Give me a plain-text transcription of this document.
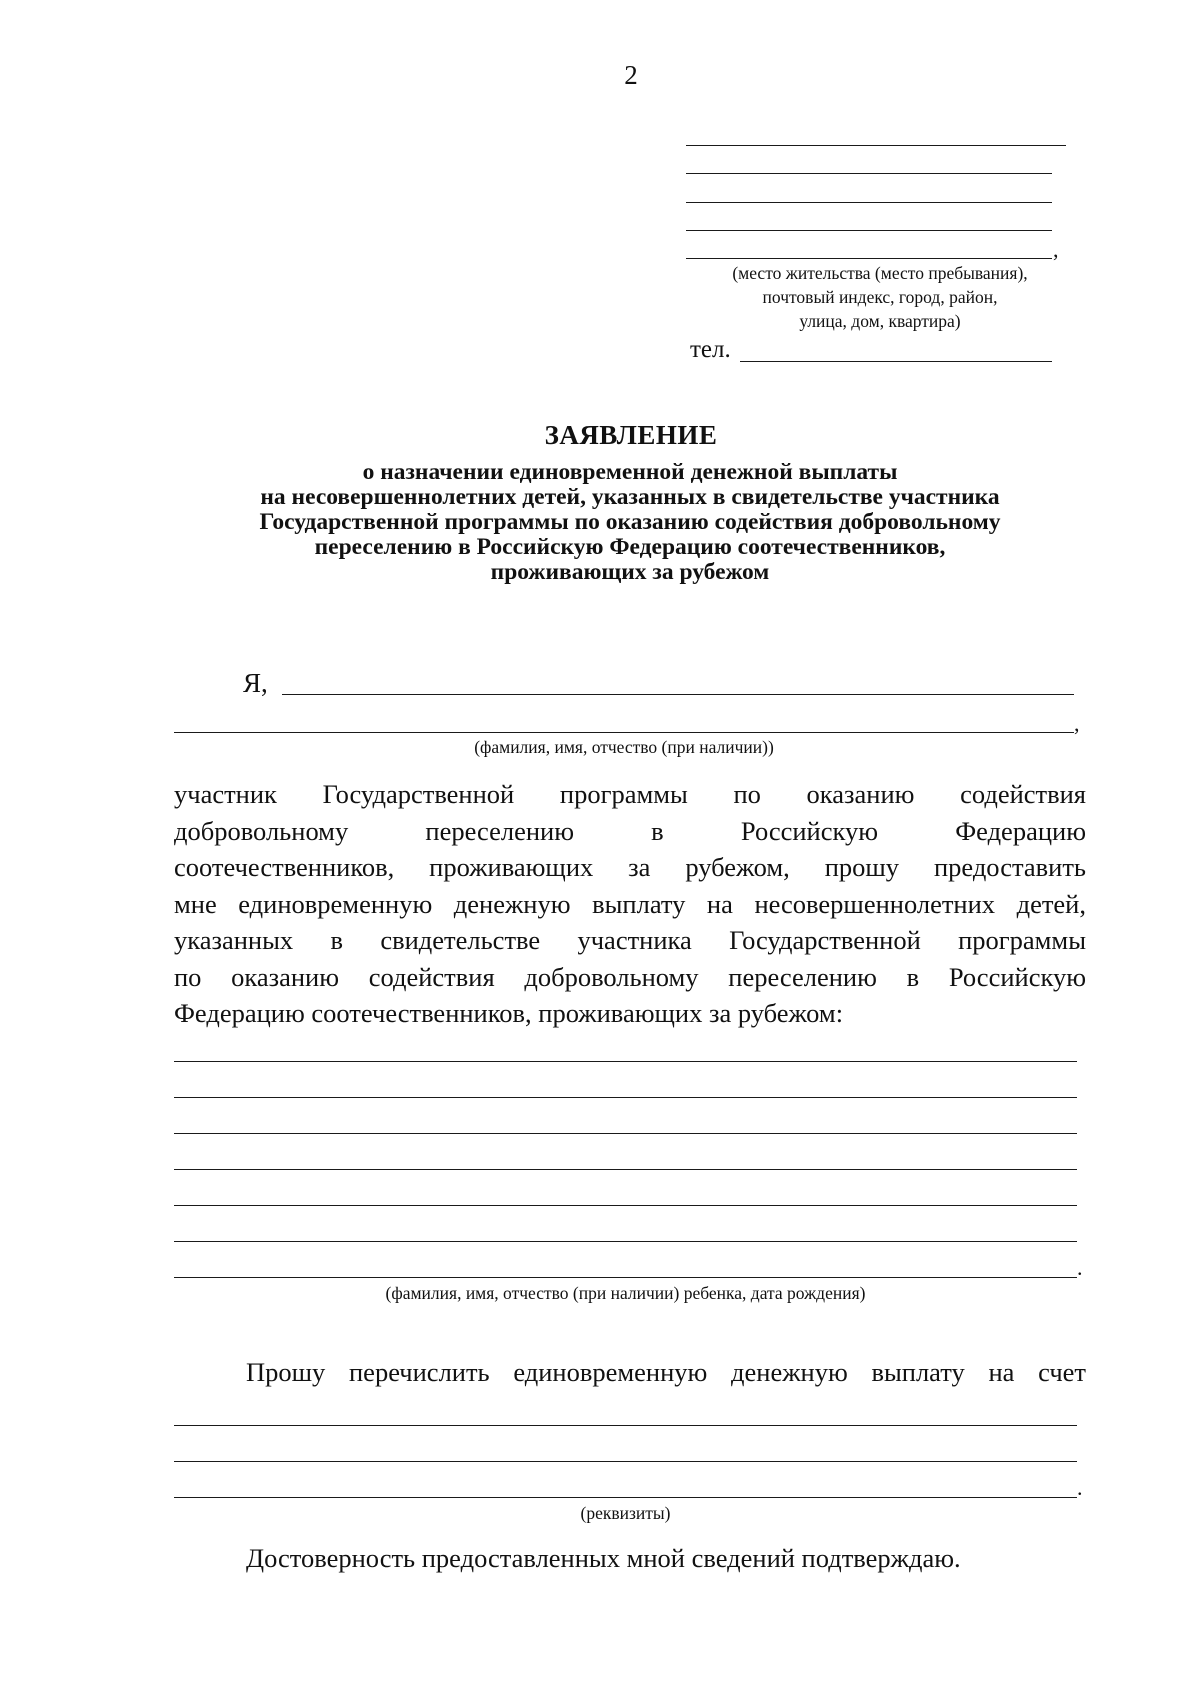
2
,
(место жительства (место пребывания),
почтовый индекс, город, район,
улица, дом, квартира)
тел.
ЗАЯВЛЕНИЕ
о назначении единовременной денежной выплаты
на несовершеннолетних детей, указанных в свидетельстве участника
Государственной программы по оказанию содействия добровольному
переселению в Российскую Федерацию соотечественников,
проживающих за рубежом
Я,
,
(фамилия, имя, отчество (при наличии))
участник Государственной программы по оказанию содействия
добровольному переселению в Российскую Федерацию
соотечественников, проживающих за рубежом, прошу предоставить
мне единовременную денежную выплату на несовершеннолетних детей,
указанных в свидетельстве участника Государственной программы
по оказанию содействия добровольному переселению в Российскую
Федерацию соотечественников, проживающих за рубежом:
.
(фамилия, имя, отчество (при наличии) ребенка, дата рождения)
Прошу перечислить единовременную денежную выплату на счет
.
(реквизиты)
Достоверность предоставленных мной сведений подтверждаю.
